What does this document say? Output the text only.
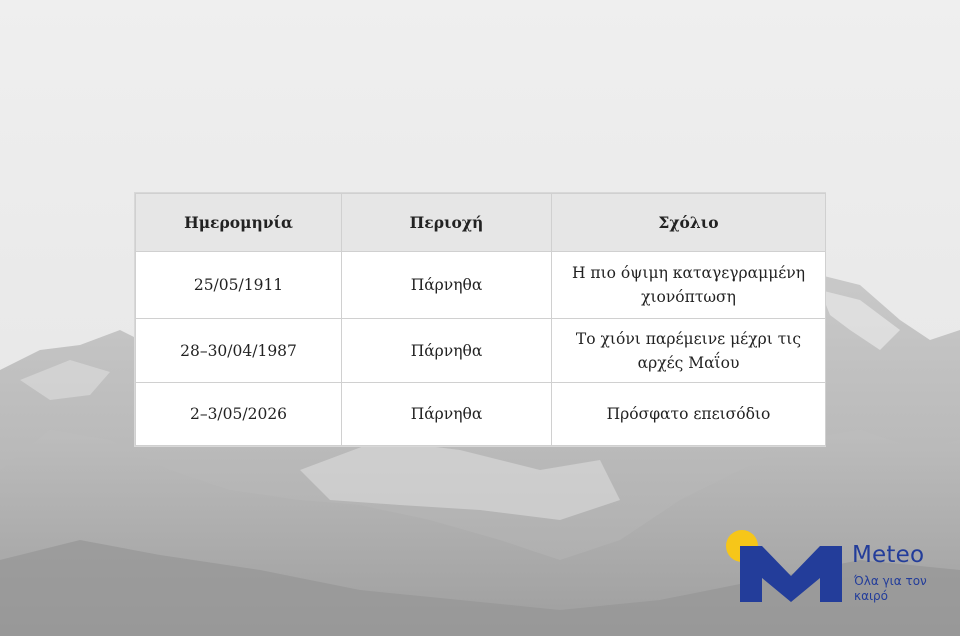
Ημερομηνία	Περιοχή	Σχόλιο
25/05/1911	Πάρνηθα	Η πιο όψιμη καταγεγραμμένη χιονόπτωση
28–30/04/1987	Πάρνηθα	Το χιόνι παρέμεινε μέχρι τις αρχές Μαΐου
2–3/05/2026	Πάρνηθα	Πρόσφατο επεισόδιο
Meteo
Όλα για τον καιρό
